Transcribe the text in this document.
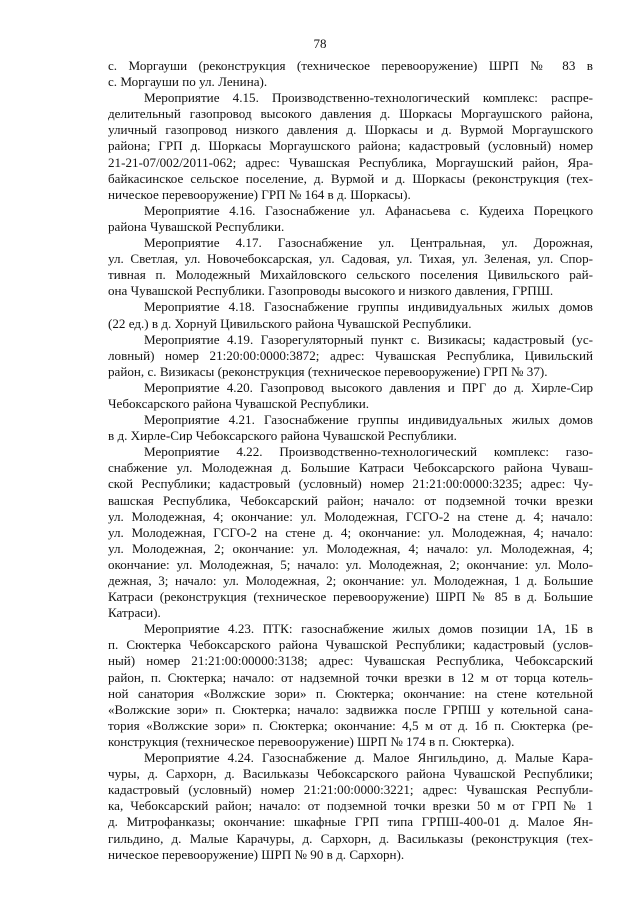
78
с. Моргауши (реконструкция (техническое перевооружение) ШРП № 83 в
с. Моргауши по ул. Ленина).
Мероприятие 4.15. Производственно-технологический комплекс: распре-
делительный газопровод высокого давления д. Шоркасы Моргаушского района,
уличный газопровод низкого давления д. Шоркасы и д. Вурмой Моргаушского
района; ГРП д. Шоркасы Моргаушского района; кадастровый (условный) номер
21-21-07/002/2011-062; адрес: Чувашская Республика, Моргаушский район, Яра-
байкасинское сельское поселение, д. Вурмой и д. Шоркасы (реконструкция (тех-
ническое перевооружение) ГРП № 164 в д. Шоркасы).
Мероприятие 4.16. Газоснабжение ул. Афанасьева с. Кудеиха Порецкого
района Чувашской Республики.
Мероприятие 4.17. Газоснабжение ул. Центральная, ул. Дорожная,
ул. Светлая, ул. Новочебоксарская, ул. Садовая, ул. Тихая, ул. Зеленая, ул. Спор-
тивная п. Молодежный Михайловского сельского поселения Цивильского рай-
она Чувашской Республики. Газопроводы высокого и низкого давления, ГРПШ.
Мероприятие 4.18. Газоснабжение группы индивидуальных жилых домов
(22 ед.) в д. Хорнуй Цивильского района Чувашской Республики.
Мероприятие 4.19. Газорегуляторный пункт с. Визикасы; кадастровый (ус-
ловный) номер 21:20:00:0000:3872; адрес: Чувашская Республика, Цивильский
район, с. Визикасы (реконструкция (техническое перевооружение) ГРП № 37).
Мероприятие 4.20. Газопровод высокого давления и ПРГ до д. Хирле-Сир
Чебоксарского района Чувашской Республики.
Мероприятие 4.21. Газоснабжение группы индивидуальных жилых домов
в д. Хирле-Сир Чебоксарского района Чувашской Республики.
Мероприятие 4.22. Производственно-технологический комплекс: газо-
снабжение ул. Молодежная д. Большие Катраси Чебоксарского района Чуваш-
ской Республики; кадастровый (условный) номер 21:21:00:0000:3235; адрес: Чу-
вашская Республика, Чебоксарский район; начало: от подземной точки врезки
ул. Молодежная, 4; окончание: ул. Молодежная, ГСГО-2 на стене д. 4; начало:
ул. Молодежная, ГСГО-2 на стене д. 4; окончание: ул. Молодежная, 4; начало:
ул. Молодежная, 2; окончание: ул. Молодежная, 4; начало: ул. Молодежная, 4;
окончание: ул. Молодежная, 5; начало: ул. Молодежная, 2; окончание: ул. Моло-
дежная, 3; начало: ул. Молодежная, 2; окончание: ул. Молодежная, 1 д. Большие
Катраси (реконструкция (техническое перевооружение) ШРП № 85 в д. Большие
Катраси).
Мероприятие 4.23. ПТК: газоснабжение жилых домов позиции 1А, 1Б в
п. Сюктерка Чебоксарского района Чувашской Республики; кадастровый (услов-
ный) номер 21:21:00:00000:3138; адрес: Чувашская Республика, Чебоксарский
район, п. Сюктерка; начало: от надземной точки врезки в 12 м от торца котель-
ной санатория «Волжские зори» п. Сюктерка; окончание: на стене котельной
«Волжские зори» п. Сюктерка; начало: задвижка после ГРПШ у котельной сана-
тория «Волжские зори» п. Сюктерка; окончание: 4,5 м от д. 1б п. Сюктерка (ре-
конструкция (техническое перевооружение) ШРП № 174 в п. Сюктерка).
Мероприятие 4.24. Газоснабжение д. Малое Янгильдино, д. Малые Кара-
чуры, д. Сархорн, д. Васильказы Чебоксарского района Чувашской Республики;
кадастровый (условный) номер 21:21:00:0000:3221; адрес: Чувашская Республи-
ка, Чебоксарский район; начало: от подземной точки врезки 50 м от ГРП № 1
д. Митрофанказы; окончание: шкафные ГРП типа ГРПШ-400-01 д. Малое Ян-
гильдино, д. Малые Карачуры, д. Сархорн, д. Васильказы (реконструкция (тех-
ническое перевооружение) ШРП № 90 в д. Сархорн).
